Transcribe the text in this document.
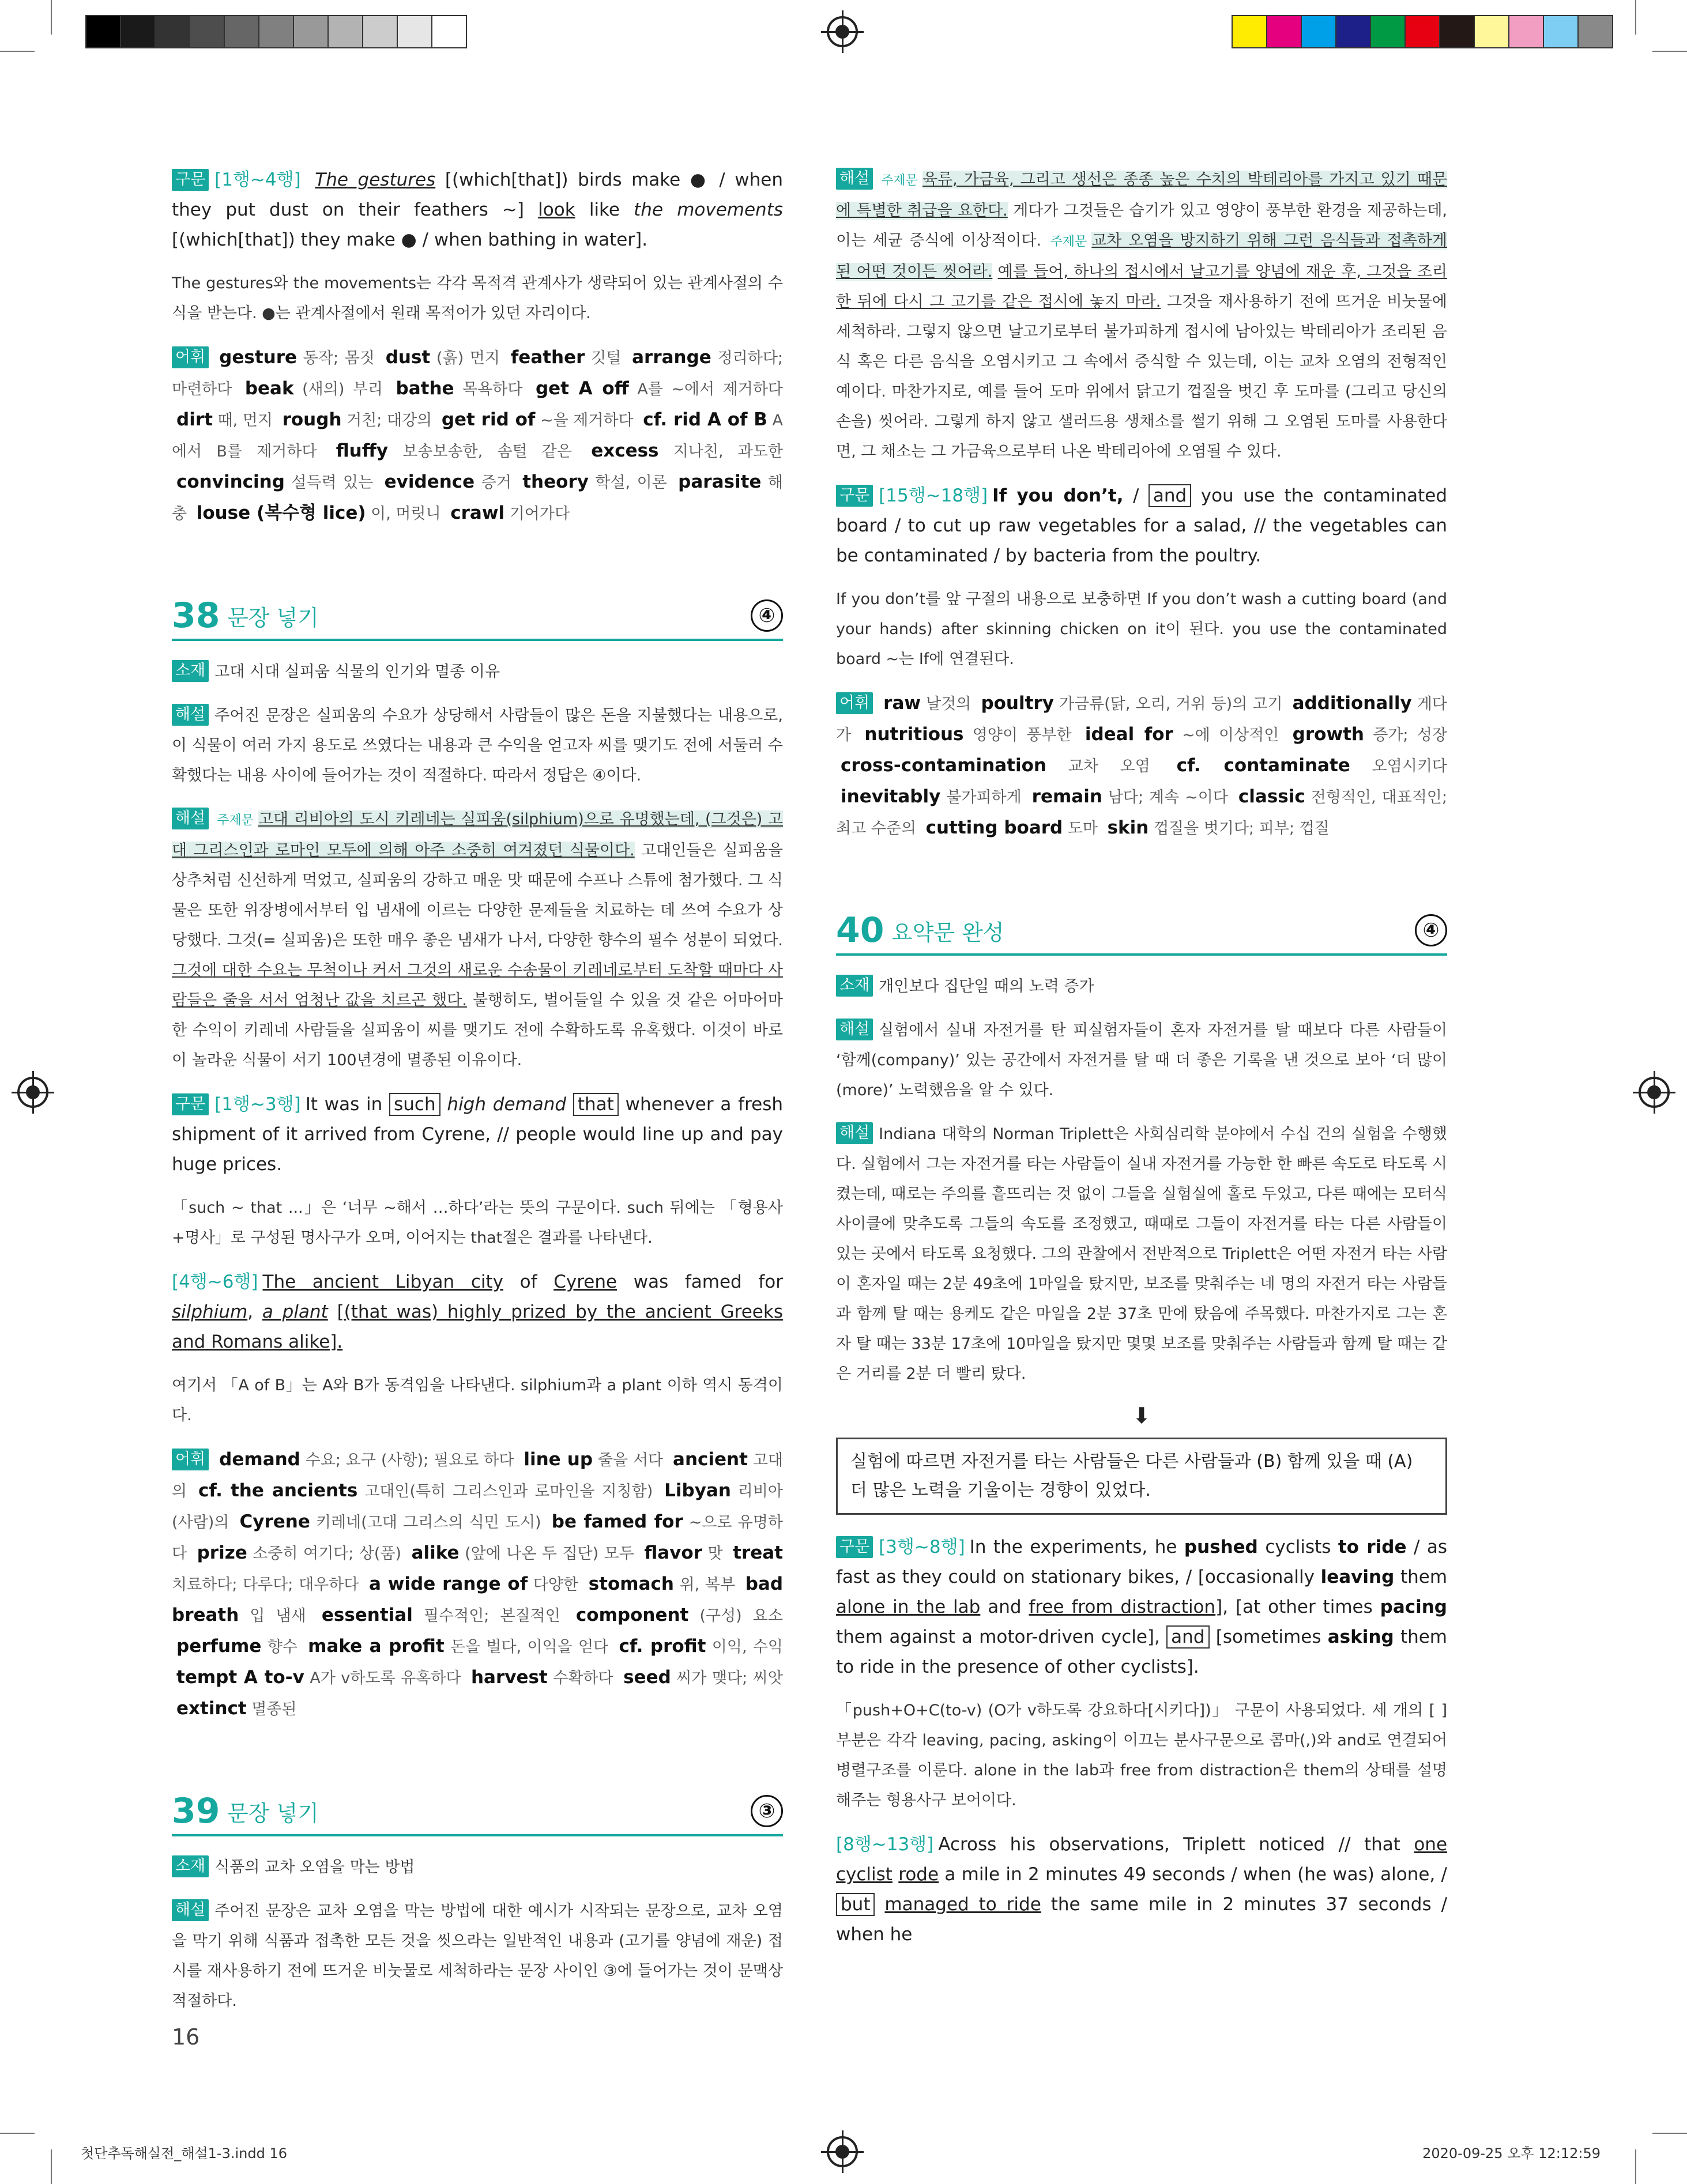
구문 [1행~4행] The gestures [(which[that]) birds make ● / when they put dust on their feathers ~] look like the movements [(which[that]) they make ● / when bathing in water].

The gestures와 the movements는 각각 목적격 관계사가 생략되어 있는 관계사절의 수식을 받는다. ●는 관계사절에서 원래 목적어가 있던 자리이다.

어휘 gesture 동작; 몸짓 dust (흙) 먼지 feather 깃털 arrange 정리하다; 마련하다 beak (새의) 부리 bathe 목욕하다 get A off A를 ~에서 제거하다 dirt 때, 먼지 rough 거친; 대강의 get rid of ~을 제거하다 cf. rid A of B A에서 B를 제거하다 fluffy 보송보송한, 솜털 같은 excess 지나친, 과도한 convincing 설득력 있는 evidence 증거 theory 학설, 이론 parasite 해충 louse (복수형 lice) 이, 머릿니 crawl 기어가다
38 문장 넣기	④

소재 고대 시대 실피움 식물의 인기와 멸종 이유

해설 주어진 문장은 실피움의 수요가 상당해서 사람들이 많은 돈을 지불했다는 내용으로, 이 식물이 여러 가지 용도로 쓰였다는 내용과 큰 수익을 얻고자 씨를 맺기도 전에 서둘러 수확했다는 내용 사이에 들어가는 것이 적절하다. 따라서 정답은 ④이다.

해설 주제문 고대 리비아의 도시 키레네는 실피움(silphium)으로 유명했는데, (그것은) 고대 그리스인과 로마인 모두에 의해 아주 소중히 여겨졌던 식물이다. 고대인들은 실피움을 상추처럼 신선하게 먹었고, 실피움의 강하고 매운 맛 때문에 수프나 스튜에 첨가했다. 그 식물은 또한 위장병에서부터 입 냄새에 이르는 다양한 문제들을 치료하는 데 쓰여 수요가 상당했다. 그것(= 실피움)은 또한 매우 좋은 냄새가 나서, 다양한 향수의 필수 성분이 되었다. 그것에 대한 수요는 무척이나 커서 그것의 새로운 수송물이 키레네로부터 도착할 때마다 사람들은 줄을 서서 엄청난 값을 치르곤 했다. 불행히도, 벌어들일 수 있을 것 같은 어마어마한 수익이 키레네 사람들을 실피움이 씨를 맺기도 전에 수확하도록 유혹했다. 이것이 바로 이 놀라운 식물이 서기 100년경에 멸종된 이유이다.

구문 [1행~3행] It was in such high demand that whenever a fresh shipment of it arrived from Cyrene, // people would line up and pay huge prices.

「such ~ that ...」은 ‘너무 ~해서 …하다’라는 뜻의 구문이다. such 뒤에는 「형용사+명사」로 구성된 명사구가 오며, 이어지는 that절은 결과를 나타낸다.

[4행~6행] The ancient Libyan city of Cyrene was famed for silphium, a plant [(that was) highly prized by the ancient Greeks and Romans alike].

여기서 「A of B」는 A와 B가 동격임을 나타낸다. silphium과 a plant 이하 역시 동격이다.

어휘 demand 수요; 요구 (사항); 필요로 하다 line up 줄을 서다 ancient 고대의 cf. the ancients 고대인(특히 그리스인과 로마인을 지칭함) Libyan 리비아(사람)의 Cyrene 키레네(고대 그리스의 식민 도시) be famed for ~으로 유명하다 prize 소중히 여기다; 상(품) alike (앞에 나온 두 집단) 모두 flavor 맛 treat 치료하다; 다루다; 대우하다 a wide range of 다양한 stomach 위, 복부 bad breath 입 냄새 essential 필수적인; 본질적인 component (구성) 요소 perfume 향수 make a profit 돈을 벌다, 이익을 얻다 cf. profit 이익, 수익 tempt A to-v A가 v하도록 유혹하다 harvest 수확하다 seed 씨가 맺다; 씨앗 extinct 멸종된
39 문장 넣기	③

소재 식품의 교차 오염을 막는 방법

해설 주어진 문장은 교차 오염을 막는 방법에 대한 예시가 시작되는 문장으로, 교차 오염을 막기 위해 식품과 접촉한 모든 것을 씻으라는 일반적인 내용과 (고기를 양념에 재운) 접시를 재사용하기 전에 뜨거운 비눗물로 세척하라는 문장 사이인 ③에 들어가는 것이 문맥상 적절하다.

해설 주제문 육류, 가금육, 그리고 생선은 종종 높은 수치의 박테리아를 가지고 있기 때문에 특별한 취급을 요한다. 게다가 그것들은 습기가 있고 영양이 풍부한 환경을 제공하는데, 이는 세균 증식에 이상적이다. 주제문 교차 오염을 방지하기 위해 그런 음식들과 접촉하게 된 어떤 것이든 씻어라. 예를 들어, 하나의 접시에서 날고기를 양념에 재운 후, 그것을 조리한 뒤에 다시 그 고기를 같은 접시에 놓지 마라. 그것을 재사용하기 전에 뜨거운 비눗물에 세척하라. 그렇지 않으면 날고기로부터 불가피하게 접시에 남아있는 박테리아가 조리된 음식 혹은 다른 음식을 오염시키고 그 속에서 증식할 수 있는데, 이는 교차 오염의 전형적인 예이다. 마찬가지로, 예를 들어 도마 위에서 닭고기 껍질을 벗긴 후 도마를 (그리고 당신의 손을) 씻어라. 그렇게 하지 않고 샐러드용 생채소를 썰기 위해 그 오염된 도마를 사용한다면, 그 채소는 그 가금육으로부터 나온 박테리아에 오염될 수 있다.

구문 [15행~18행] If you don’t, / and you use the contaminated board / to cut up raw vegetables for a salad, // the vegetables can be contaminated / by bacteria from the poultry.

If you don’t를 앞 구절의 내용으로 보충하면 If you don’t wash a cutting board (and your hands) after skinning chicken on it이 된다. you use the contaminated board ~는 If에 연결된다.

어휘 raw 날것의 poultry 가금류(닭, 오리, 거위 등)의 고기 additionally 게다가 nutritious 영양이 풍부한 ideal for ~에 이상적인 growth 증가; 성장 cross-contamination 교차 오염 cf. contaminate 오염시키다 inevitably 불가피하게 remain 남다; 계속 ~이다 classic 전형적인, 대표적인; 최고 수준의 cutting board 도마 skin 껍질을 벗기다; 피부; 껍질
40 요약문 완성	④

소재 개인보다 집단일 때의 노력 증가

해설 실험에서 실내 자전거를 탄 피실험자들이 혼자 자전거를 탈 때보다 다른 사람들이 ‘함께(company)’ 있는 공간에서 자전거를 탈 때 더 좋은 기록을 낸 것으로 보아 ‘더 많이(more)’ 노력했음을 알 수 있다.

해설 Indiana 대학의 Norman Triplett은 사회심리학 분야에서 수십 건의 실험을 수행했다. 실험에서 그는 자전거를 타는 사람들이 실내 자전거를 가능한 한 빠른 속도로 타도록 시켰는데, 때로는 주의를 흩뜨리는 것 없이 그들을 실험실에 홀로 두었고, 다른 때에는 모터식 사이클에 맞추도록 그들의 속도를 조정했고, 때때로 그들이 자전거를 타는 다른 사람들이 있는 곳에서 타도록 요청했다. 그의 관찰에서 전반적으로 Triplett은 어떤 자전거 타는 사람이 혼자일 때는 2분 49초에 1마일을 탔지만, 보조를 맞춰주는 네 명의 자전거 타는 사람들과 함께 탈 때는 용케도 같은 마일을 2분 37초 만에 탔음에 주목했다. 마찬가지로 그는 혼자 탈 때는 33분 17초에 10마일을 탔지만 몇몇 보조를 맞춰주는 사람들과 함께 탈 때는 같은 거리를 2분 더 빨리 탔다.

⬇
실험에 따르면 자전거를 타는 사람들은 다른 사람들과 (B) 함께 있을 때 (A) 더 많은 노력을 기울이는 경향이 있었다.

구문 [3행~8행] In the experiments, he pushed cyclists to ride / as fast as they could on stationary bikes, / [occasionally leaving them alone in the lab and free from distraction], [at other times pacing them against a motor-driven cycle], and [sometimes asking them to ride in the presence of other cyclists].

「push+O+C(to-v) (O가 v하도록 강요하다[시키다])」 구문이 사용되었다. 세 개의 [ ] 부분은 각각 leaving, pacing, asking이 이끄는 분사구문으로 콤마(,)와 and로 연결되어 병렬구조를 이룬다. alone in the lab과 free from distraction은 them의 상태를 설명해주는 형용사구 보어이다.

[8행~13행] Across his observations, Triplett noticed // that one cyclist rode a mile in 2 minutes 49 seconds / when (he was) alone, / but managed to ride the same mile in 2 minutes 37 seconds / when he

16
첫단추독해실전_해설1-3.indd 16	2020-09-25 오후 12:12:59
